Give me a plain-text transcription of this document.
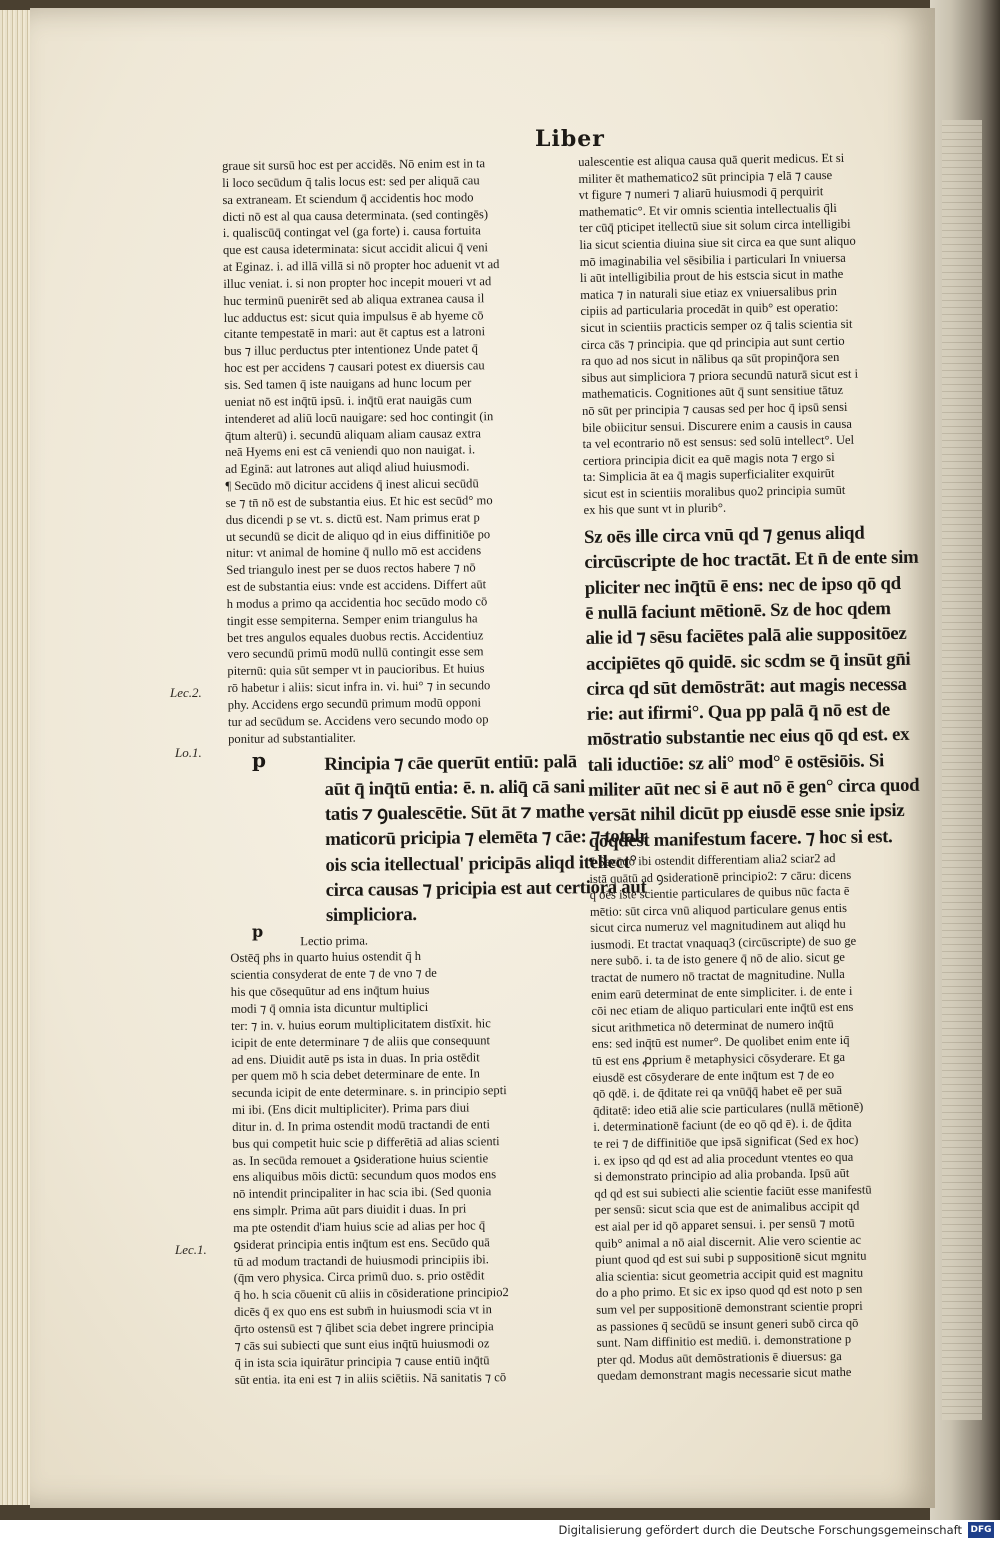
Liber

graue sit sursū hoc est per accidēs. Nō enim est in ta

li loco secūdum q̄ talis locus est: sed per aliquā cau

sa extraneam. Et sciendum q̄ accidentis hoc modo

dicti nō est al qua causa determinata. (sed contingēs)

i. qualiscūq̄ contingat vel (ga forte) i. causa fortuita

que est causa ideterminata: sicut accidit alicui q̄ veni

at Eginaz. i. ad illā villā si nō propter hoc aduenit vt ad

illuc veniat. i. si non propter hoc incepit moueri vt ad

huc terminū puenirēt sed ab aliqua extranea causa il

luc adductus est: sicut quia impulsus ē ab hyeme cō

citante tempestatē in mari: aut ēt captus est a latroni

bus ⁊ illuc perductus pter intentionez Unde patet q̄

hoc est per accidens ⁊ causari potest ex diuersis cau

sis. Sed tamen q̄ iste nauigans ad hunc locum per

ueniat nō est inq̄tū ipsū. i. inq̄tū erat nauigās cum

intenderet ad aliū locū nauigare: sed hoc contingit (in

q̄tum alterū) i. secundū aliquam aliam causaz extra

neā Hyems eni est cā veniendi quo non nauigat. i.

ad Eginā: aut latrones aut aliqd aliud huiusmodi.

¶ Secūdo mō dicitur accidens q̄ inest alicui secūdū

se ⁊ tn̄ nō est de substantia eius. Et hic est secūd° mo

dus dicendi p se vt. s. dictū est. Nam primus erat p

ut secundū se dicit de aliquo qd in eius diffinitiōe po

nitur: vt animal de homine q̄ nullo mō est accidens

Sed triangulo inest per se duos rectos habere ⁊ nō

est de substantia eius: vnde est accidens. Differt aūt

h modus a primo qa accidentia hoc secūdo modo cō

tingit esse sempiterna. Semper enim triangulus ha

bet tres angulos equales duobus rectis. Accidentiuz

vero secundū primū modū nullū contingit esse sem

piternū: quia sūt semper vt in paucioribus. Et huius

rō habetur i aliis: sicut infra in. vi. hui° ⁊ in secundo

phy. Accidens ergo secundū primum modū opponi

tur ad secūdum se. Accidens vero secundo modo op

ponitur ad substantialiter.

Rincipia ⁊ cāe querūt entiū: palā

aūt q̄ inq̄tū entia: ē. n. aliq̄ cā sani

tatis ⁊ ꝯualescētie. Sūt āt ⁊ mathe

maticorū pricipia ⁊ elemēta ⁊ cāe: ⁊ totalr

ois scia itellectual' pricipās aliqd itellect°

circa causas ⁊ pricipia est aut certiora aut

simpliciora.

Lectio prima.

Ostēq̄ phs in quarto huius ostendit q̄ h

scientia consyderat de ente ⁊ de vno ⁊ de

his que cōsequūtur ad ens inq̄tum huius

modi ⁊ q̄ omnia ista dicuntur multiplici

ter: ⁊ in. v. huius eorum multiplicitatem distīxit. hic

icipit de ente determinare ⁊ de aliis que consequunt

ad ens. Diuidit autē ps ista in duas. In pria ostēdit

per quem mō h scia debet determinare de ente. In

secunda icipit de ente determinare. s. in principio septi

mi ibi. (Ens dicit multipliciter). Prima pars diui

ditur in. d. In prima ostendit modū tractandi de enti

bus qui competit huic scie p differētiā ad alias scienti

as. In secūda remouet a ꝯsideratione huius scientie

ens aliquibus mōis dictū: secundum quos modos ens

nō intendit principaliter in hac scia ibi. (Sed quonia

ens simplr. Prima aūt pars diuidit i duas. In pri

ma pte ostendit d'iam huius scie ad alias per hoc q̄

ꝯsiderat principia entis inq̄tum est ens. Secūdo quā

tū ad modum tractandi de huiusmodi principiis ibi.

(q̄m vero physica. Circa primū duo. s. prio ostēdit

q̄ ho. h scia cōuenit cū aliis in cōsideratione principio2

dicēs q̄ ex quo ens est subm̄ in huiusmodi scia vt in

q̄rto ostensū est ⁊ q̄libet scia debet ingrere principia

⁊ cās sui subiecti que sunt eius inq̄tū huiusmodi oz

q̄ in ista scia iquirātur principia ⁊ cause entiū inq̄tū

sūt entia. ita eni est ⁊ in aliis sciētiis. Nā sanitatis ⁊ cō

ualescentie est aliqua causa quā querit medicus. Et si

militer ēt mathematico2 sūt principia ⁊ elā ⁊ cause

vt figure ⁊ numeri ⁊ aliarū huiusmodi q̄ perquirit

mathematic°. Et vir omnis scientia intellectualis q̄li

ter cūq̄ pticipet itellectū siue sit solum circa intelligibi

lia sicut scientia diuina siue sit circa ea que sunt aliquo

mō imaginabilia vel sēsibilia i particulari In vniuersa

li aūt intelligibilia prout de his estscia sicut in mathe

matica ⁊ in naturali siue etiaz ex vniuersalibus prin

cipiis ad particularia procedāt in quib° est operatio:

sicut in scientiis practicis semper oz q̄ talis scientia sit

circa cās ⁊ principia. que qd principia aut sunt certio

ra quo ad nos sicut in nālibus qa sūt propinq̄ora sen

sibus aut simpliciora ⁊ priora secundū naturā sicut est i

mathematicis. Cognitiones aūt q̄ sunt sensitiue tātuz

nō sūt per principia ⁊ causas sed per hoc q̄ ipsū sensi

bile obiicitur sensui. Discurere enim a causis in causa

ta vel econtrario nō est sensus: sed solū intellect°. Uel

certiora principia dicit ea quē magis nota ⁊ ergo si

ta: Simplicia āt ea q̄ magis superficialiter exquirūt

sicut est in scientiis moralibus quo2 principia sumūt

ex his que sunt vt in plurib°.

Sz oēs ille circa vnū qd ⁊ genus aliqd

circūscripte de hoc tractāt. Et n̄ de ente sim

pliciter nec inq̄tū ē ens: nec de ipso qō qd

ē nullā faciunt mētionē. Sz de hoc qdem

alie id ⁊ sēsu faciētes palā alie suppositōez

accipiētes qō quidē. sic scdm se q̄ insūt gn̄i

circa qd sūt demōstrāt: aut magis necessa

rie: aut ifirmi°. Qua pp palā q̄ nō est de

mōstratio substantie nec eius qō qd est. ex

tali iductiōe: sz ali° mod° ē ostēsiōis. Si

militer aūt nec si ē aut nō ē gen° circa quod

versāt nihil dicūt pp eiusdē esse snie ipsiz

qōqdest manifestum facere. ⁊ hoc si est.

¶ Secūdo ibi ostendit differentiam alia2 sciar2 ad

istā quātū ad ꝯsiderationē principio2: ⁊ cāru: dicens

q̄ oēs iste scientie particulares de quibus nūc facta ē

mētio: sūt circa vnū aliquod particulare genus entis

sicut circa numeruz vel magnitudinem aut aliqd hu

iusmodi. Et tractat vnaquaq3 (circūscripte) de suo ge

nere subō. i. ta de isto genere q̄ nō de alio. sicut ge

tractat de numero nō tractat de magnitudine. Nulla

enim earū determinat de ente simpliciter. i. de ente i

cōi nec etiam de aliquo particulari ente inq̄tū est ens

sicut arithmetica nō determinat de numero inq̄tū

ens: sed inq̄tū est numer°. De quolibet enim ente iq̄

tū est ens ꝓprium ē metaphysici cōsyderare. Et ga

eiusdē est cōsyderare de ente inq̄tum est ⁊ de eo

qō qdē. i. de q̄ditate rei qa vnūq̄q̄ habet eē per suā

q̄ditatē: ideo etiā alie scie particulares (nullā mētionē)

i. determinationē faciunt (de eo qō qd ē). i. de q̄dita

te rei ⁊ de diffinitiōe que ipsā significat (Sed ex hoc)

i. ex ipso qd qd est ad alia procedunt vtentes eo qua

si demonstrato principio ad alia probanda. Ipsū aūt

qd qd est sui subiecti alie scientie faciūt esse manifestū

per sensū: sicut scia que est de animalibus accipit qd

est aial per id qō apparet sensui. i. per sensū ⁊ motū

quib° animal a nō aial discernit. Alie vero scientie ac

piunt quod qd est sui subi p suppositionē sicut mgnitu

alia scientia: sicut geometria accipit quid est magnitu

do a pho primo. Et sic ex ipso quod qd est noto p sen

sum vel per suppositionē demonstrant scientie propri

as passiones q̄ secūdū se insunt generi subō circa qō

sunt. Nam diffinitio est mediū. i. demonstratione p

pter qd. Modus aūt demōstrationis ē diuersus: ga

quedam demonstrant magis necessarie sicut mathe

Lec.2.
Lo.1.
Lec.1.
p
p
Digitalisierung gefördert durch die Deutsche Forschungsgemeinschaft DFG
